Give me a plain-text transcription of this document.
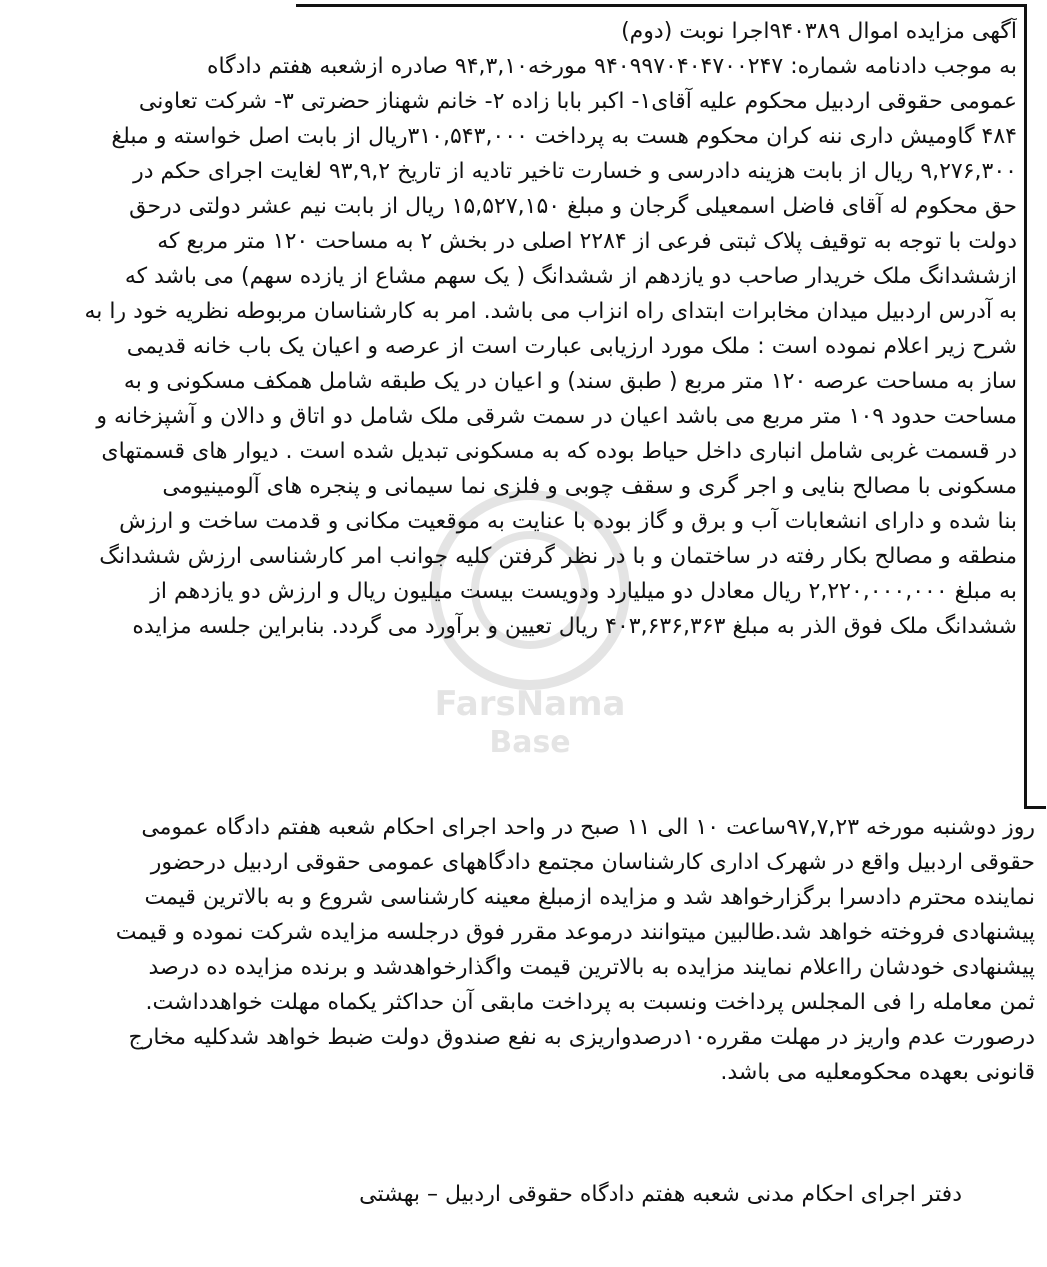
FarsNama
Base
آگهی مزایده اموال ۹۴۰۳۸۹اجرا نوبت (دوم)
به موجب دادنامه شماره: ۹۴۰۹۹۷۰۴۰۴۷۰۰۲۴۷ مورخه۹۴,۳,۱۰ صادره ازشعبه هفتم دادگاه
عمومی حقوقی اردبیل محکوم علیه آقای۱- اکبر بابا زاده ۲- خانم شهناز حضرتی ۳- شرکت تعاونی
۴۸۴ گاومیش داری ننه کران محکوم هست به پرداخت ۳۱۰,۵۴۳,۰۰۰ریال از بابت اصل خواسته و مبلغ
۹,۲۷۶,۳۰۰ ریال از بابت هزینه دادرسی و خسارت تاخیر تادیه از تاریخ ۹۳,۹,۲ لغایت اجرای حکم در
حق محکوم له آقای فاضل اسمعیلی گرجان و مبلغ ۱۵,۵۲۷,۱۵۰ ریال از بابت نیم عشر دولتی درحق
دولت با توجه به توقیف پلاک ثبتی فرعی از ۲۲۸۴ اصلی در بخش ۲ به مساحت ۱۲۰ متر مربع که
ازششدانگ ملک خریدار صاحب دو یازدهم از ششدانگ ( یک سهم مشاع از یازده سهم) می باشد که
به آدرس اردبیل میدان مخابرات ابتدای راه انزاب می باشد. امر به کارشناسان مربوطه نظریه خود را به
شرح زیر اعلام نموده است : ملک مورد ارزیابی عبارت است از عرصه و اعیان یک باب خانه قدیمی
ساز به مساحت عرصه ۱۲۰ متر مربع ( طبق سند) و اعیان در یک طبقه شامل همکف مسکونی و به
مساحت حدود ۱۰۹ متر مربع می باشد اعیان در سمت شرقی ملک شامل دو اتاق و دالان و آشپزخانه و
در قسمت غربی شامل انباری داخل حیاط بوده که به مسکونی تبدیل شده است . دیوار های قسمتهای
مسکونی با مصالح بنایی و اجر گری و سقف چوبی و فلزی نما سیمانی و پنجره های آلومینیومی
بنا شده و دارای انشعابات آب و برق و گاز بوده با عنایت به موقعیت مکانی و قدمت ساخت و ارزش
منطقه و مصالح بکار رفته در ساختمان و با در نظر گرفتن کلیه جوانب امر کارشناسی ارزش ششدانگ
به مبلغ ۲,۲۲۰,۰۰۰,۰۰۰ ریال معادل دو میلیارد ودویست بیست میلیون ریال و ارزش دو یازدهم از
ششدانگ ملک فوق الذر به مبلغ ۴۰۳,۶۳۶,۳۶۳ ریال تعیین و برآورد می گردد. بنابراین جلسه مزایده
روز دوشنبه مورخه ۹۷,۷,۲۳ساعت ۱۰ الی ۱۱ صبح در واحد اجرای احکام شعبه هفتم دادگاه عمومی
حقوقی اردبیل واقع در شهرک اداری کارشناسان مجتمع دادگاههای عمومی حقوقی اردبیل درحضور
نماینده محترم دادسرا برگزارخواهد شد و مزایده ازمبلغ معینه کارشناسی شروع و به بالاترین قیمت
پیشنهادی فروخته خواهد شد.طالبین میتوانند درموعد مقرر فوق درجلسه مزایده شرکت نموده و قیمت
پیشنهادی خودشان رااعلام نمایند مزایده به بالاترین قیمت واگذارخواهدشد و برنده مزایده ده درصد
ثمن معامله را فی المجلس پرداخت ونسبت به پرداخت مابقی آن حداکثر یکماه مهلت خواهدداشت.
درصورت عدم واریز در مهلت مقرره۱۰درصدواریزی به نفع صندوق دولت ضبط خواهد شدکلیه مخارج
قانونی بعهده محکومعلیه می باشد.
دفتر اجرای احکام مدنی شعبه هفتم دادگاه حقوقی اردبیل – بهشتی
